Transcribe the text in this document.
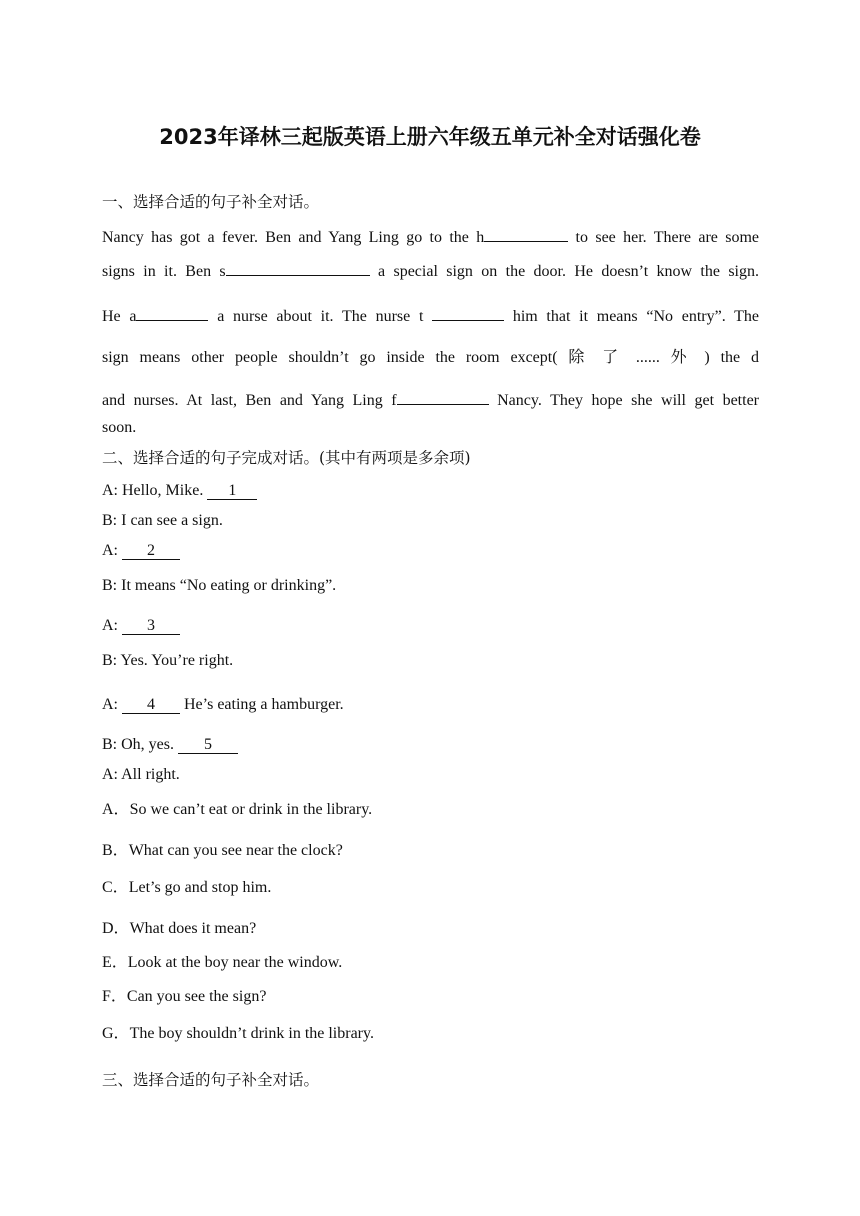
2023年译林三起版英语上册六年级五单元补全对话强化卷
一、选择合适的句子补全对话。
Nancy has got a fever. Ben and Yang Ling go to the h	to see her. There are some
signs in it. Ben s	a special sign on the door. He doesn’t know the sign.
He a	a nurse about it. The nurse t	him that it means “No entry”. The
sign means other people shouldn’t go inside the room except( 除 了 ...... 外 ) the d
and nurses. At last, Ben and Yang Ling f	Nancy. They hope she will get better
soon.
二、选择合适的句子完成对话。(其中有两项是多余项)
A: Hello, Mike. 1
B: I can see a sign.
A: 2
B: It means “No eating or drinking”.
A: 3
B: Yes. You’re right.
A: 4 He’s eating a hamburger.
B: Oh, yes. 5
A: All right.
A．So we can’t eat or drink in the library.
B．What can you see near the clock?
C．Let’s go and stop him.
D．What does it mean?
E．Look at the boy near the window.
F．Can you see the sign?
G．The boy shouldn’t drink in the library.
三、选择合适的句子补全对话。
